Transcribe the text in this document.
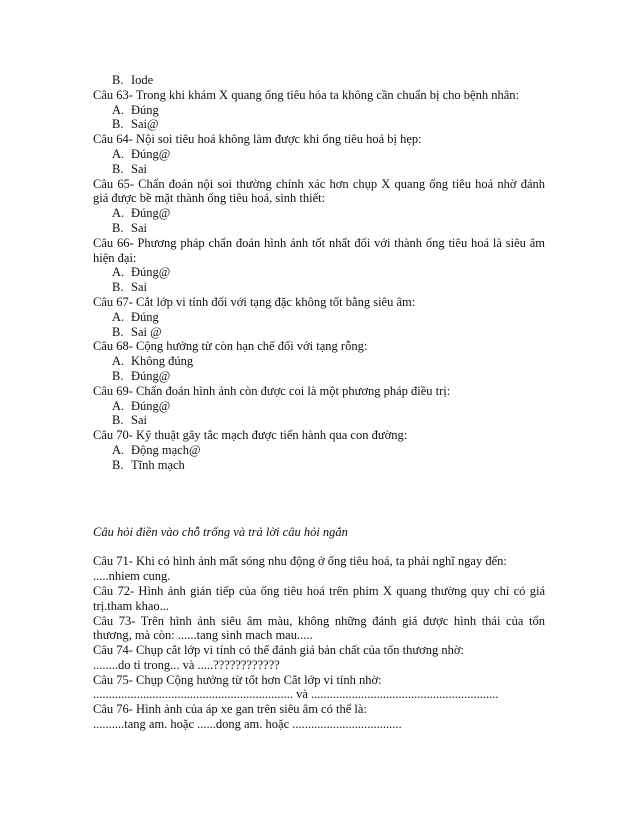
B. Iode
Câu 63- Trong khi khám X quang ống tiêu hóa ta không cần chuẩn bị cho bệnh nhân:
A. Đúng
B. Sai@
Câu 64- Nội soi tiêu hoá không làm được khi ống tiêu hoá bị hẹp:
A. Đúng@
B. Sai
Câu 65- Chẩn đoán nội soi thường chính xác hơn chụp X quang ống tiêu hoá nhờ đánh giá được bề mặt thành ống tiêu hoá, sinh thiết:
A. Đúng@
B. Sai
Câu 66- Phương pháp chẩn đoán hình ảnh tốt nhất đối với thành ống tiêu hoá là siêu âm hiện đại:
A. Đúng@
B. Sai
Câu 67- Cắt lớp vi tính đối với tạng đặc không tốt bằng siêu âm:
A. Đúng
B. Sai @
Câu 68- Cộng hưởng từ còn hạn chế đối với tạng rỗng:
A. Không đúng
B. Đúng@
Câu 69- Chẩn đoán hình ảnh còn được coi là một phương pháp điều trị:
A. Đúng@
B. Sai
Câu 70- Kỹ thuật gây tắc mạch được tiến hành qua con đường:
A. Động mạch@
B. Tĩnh mạch
Câu hỏi điền vào chỗ trống và trả lời câu hỏi ngắn
Câu 71- Khi có hình ảnh mất sóng nhu động ở ống tiêu hoá, ta phải nghĩ ngay đến:
.....nhiem cung.
Câu 72- Hình ảnh gián tiếp của ống tiêu hoá trên phim X quang thường quy chỉ có giá trị.tham khao...
Câu 73- Trên hình ảnh siêu âm màu, không những đánh giá được hình thái của tổn thương, mà còn: ......tang sinh mach mau.....
Câu 74- Chụp cắt lớp vi tính có thể đánh giá bản chất của tổn thương nhờ:
........do ti trong... và .....????????????
Câu 75- Chụp Cộng hưởng từ tốt hơn Cắt lớp vi tính nhờ:
................................................................ và ............................................................
Câu 76- Hình ảnh của áp xe gan trên siêu âm có thể là:
..........tang am. hoặc ......dong am. hoặc ...................................
